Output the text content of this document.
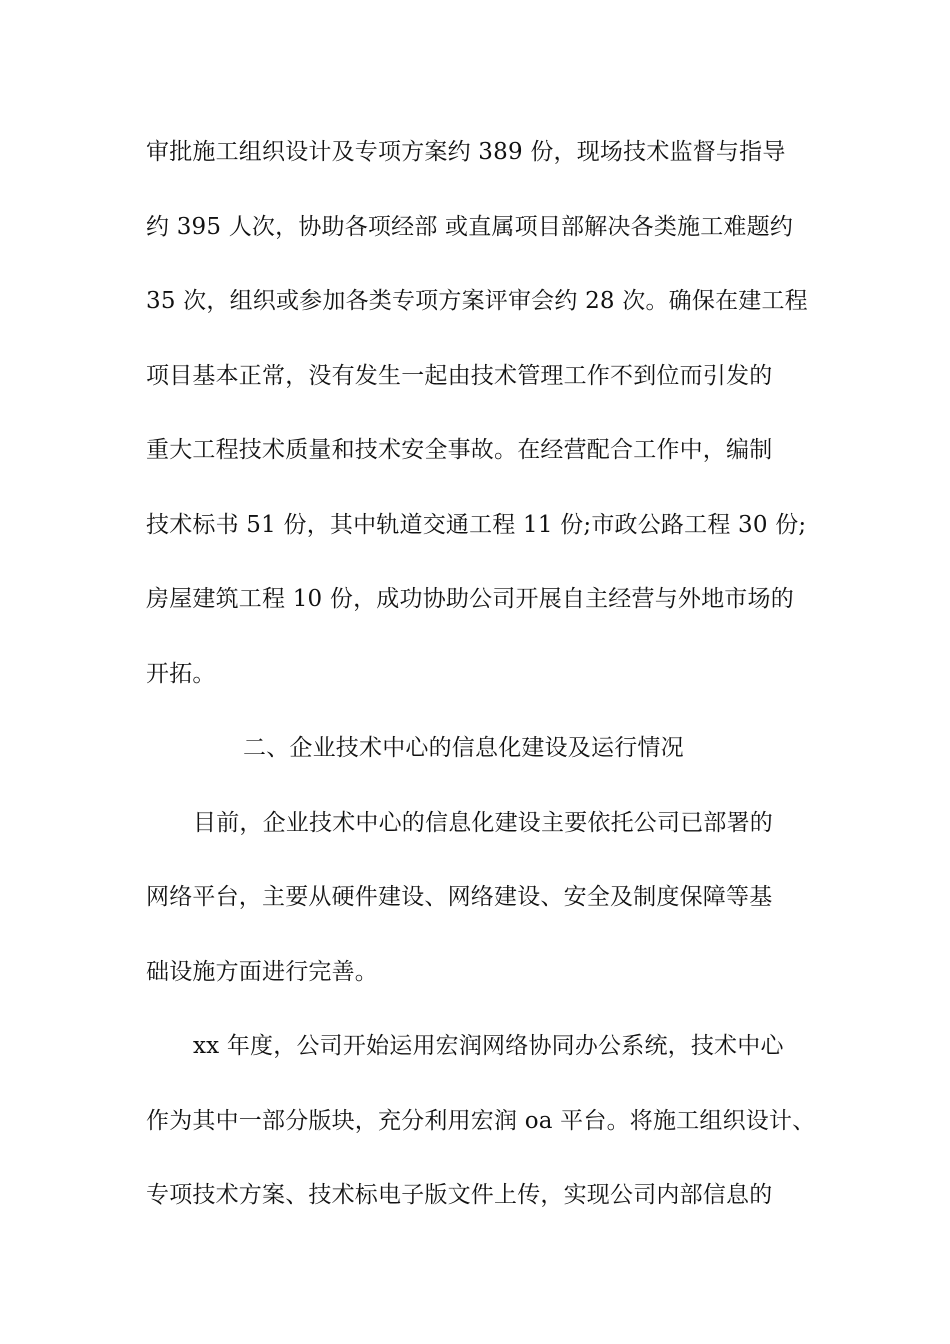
审批施工组织设计及专项方案约 389 份，现场技术监督与指导
约 395 人次，协助各项经部 或直属项目部解决各类施工难题约
35 次，组织或参加各类专项方案评审会约 28 次。确保在建工程
项目基本正常，没有发生一起由技术管理工作不到位而引发的
重大工程技术质量和技术安全事故。在经营配合工作中，编制
技术标书 51 份，其中轨道交通工程 11 份;市政公路工程 30 份;
房屋建筑工程 10 份，成功协助公司开展自主经营与外地市场的
开拓。
二、企业技术中心的信息化建设及运行情况
目前，企业技术中心的信息化建设主要依托公司已部署的
网络平台，主要从硬件建设、网络建设、安全及制度保障等基
础设施方面进行完善。
xx 年度，公司开始运用宏润网络协同办公系统，技术中心
作为其中一部分版块，充分利用宏润 oa 平台。将施工组织设计、
专项技术方案、技术标电子版文件上传，实现公司内部信息的
